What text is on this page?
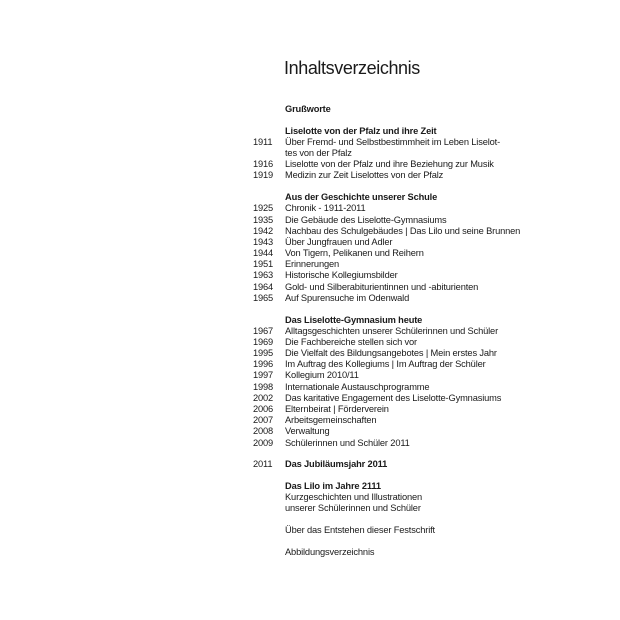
Inhaltsverzeichnis
Grußworte
Liselotte von der Pfalz und ihre Zeit
1911 Über Fremd- und Selbstbestimmheit im Leben Liselot-
tes von der Pfalz
1916 Liselotte von der Pfalz und ihre Beziehung zur Musik
1919 Medizin zur Zeit Liselottes von der Pfalz
Aus der Geschichte unserer Schule
1925 Chronik - 1911-2011
1935 Die Gebäude des Liselotte-Gymnasiums
1942 Nachbau des Schulgebäudes | Das Lilo und seine Brunnen
1943 Über Jungfrauen und Adler
1944 Von Tigern, Pelikanen und Reihern
1951 Erinnerungen
1963 Historische Kollegiumsbilder
1964 Gold- und Silberabiturientinnen und -abiturienten
1965 Auf Spurensuche im Odenwald
Das Liselotte-Gymnasium heute
1967 Alltagsgeschichten unserer Schülerinnen und Schüler
1969 Die Fachbereiche stellen sich vor
1995 Die Vielfalt des Bildungsangebotes | Mein erstes Jahr
1996 Im Auftrag des Kollegiums | Im Auftrag der Schüler
1997 Kollegium 2010/11
1998 Internationale Austauschprogramme
2002 Das karitative Engagement des Liselotte-Gymnasiums
2006 Elternbeirat | Förderverein
2007 Arbeitsgemeinschaften
2008 Verwaltung
2009 Schülerinnen und Schüler 2011
2011 Das Jubiläumsjahr 2011
Das Lilo im Jahre 2111
Kurzgeschichten und Illustrationen
unserer Schülerinnen und Schüler
Über das Entstehen dieser Festschrift
Abbildungsverzeichnis
